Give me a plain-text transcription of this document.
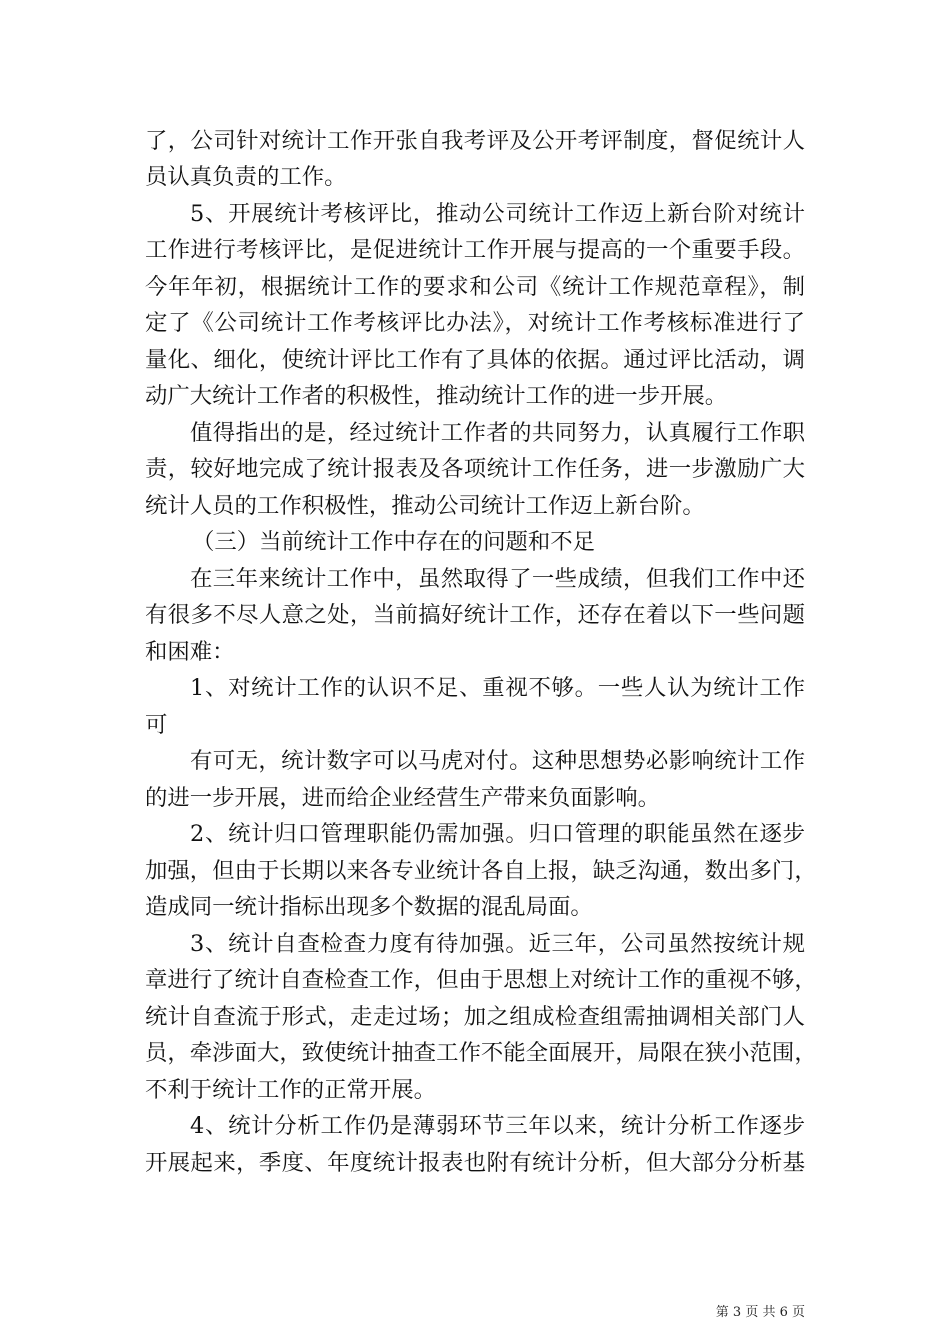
了，公司针对统计工作开张自我考评及公开考评制度，督促统计人
员认真负责的工作。
5、开展统计考核评比，推动公司统计工作迈上新台阶对统计
工作进行考核评比，是促进统计工作开展与提高的一个重要手段。
今年年初，根据统计工作的要求和公司《统计工作规范章程》，制
定了《公司统计工作考核评比办法》，对统计工作考核标准进行了
量化、细化，使统计评比工作有了具体的依据。通过评比活动，调
动广大统计工作者的积极性，推动统计工作的进一步开展。
值得指出的是，经过统计工作者的共同努力，认真履行工作职
责，较好地完成了统计报表及各项统计工作任务，进一步激励广大
统计人员的工作积极性，推动公司统计工作迈上新台阶。
（三）当前统计工作中存在的问题和不足
在三年来统计工作中，虽然取得了一些成绩，但我们工作中还
有很多不尽人意之处，当前搞好统计工作，还存在着以下一些问题
和困难：
1、对统计工作的认识不足、重视不够。一些人认为统计工作
可
有可无，统计数字可以马虎对付。这种思想势必影响统计工作
的进一步开展，进而给企业经营生产带来负面影响。
2、统计归口管理职能仍需加强。归口管理的职能虽然在逐步
加强，但由于长期以来各专业统计各自上报，缺乏沟通，数出多门，
造成同一统计指标出现多个数据的混乱局面。
3、统计自查检查力度有待加强。近三年，公司虽然按统计规
章进行了统计自查检查工作，但由于思想上对统计工作的重视不够，
统计自查流于形式，走走过场；加之组成检查组需抽调相关部门人
员，牵涉面大，致使统计抽查工作不能全面展开，局限在狭小范围，
不利于统计工作的正常开展。
4、统计分析工作仍是薄弱环节三年以来，统计分析工作逐步
开展起来，季度、年度统计报表也附有统计分析，但大部分分析基
第 3 页 共 6 页
